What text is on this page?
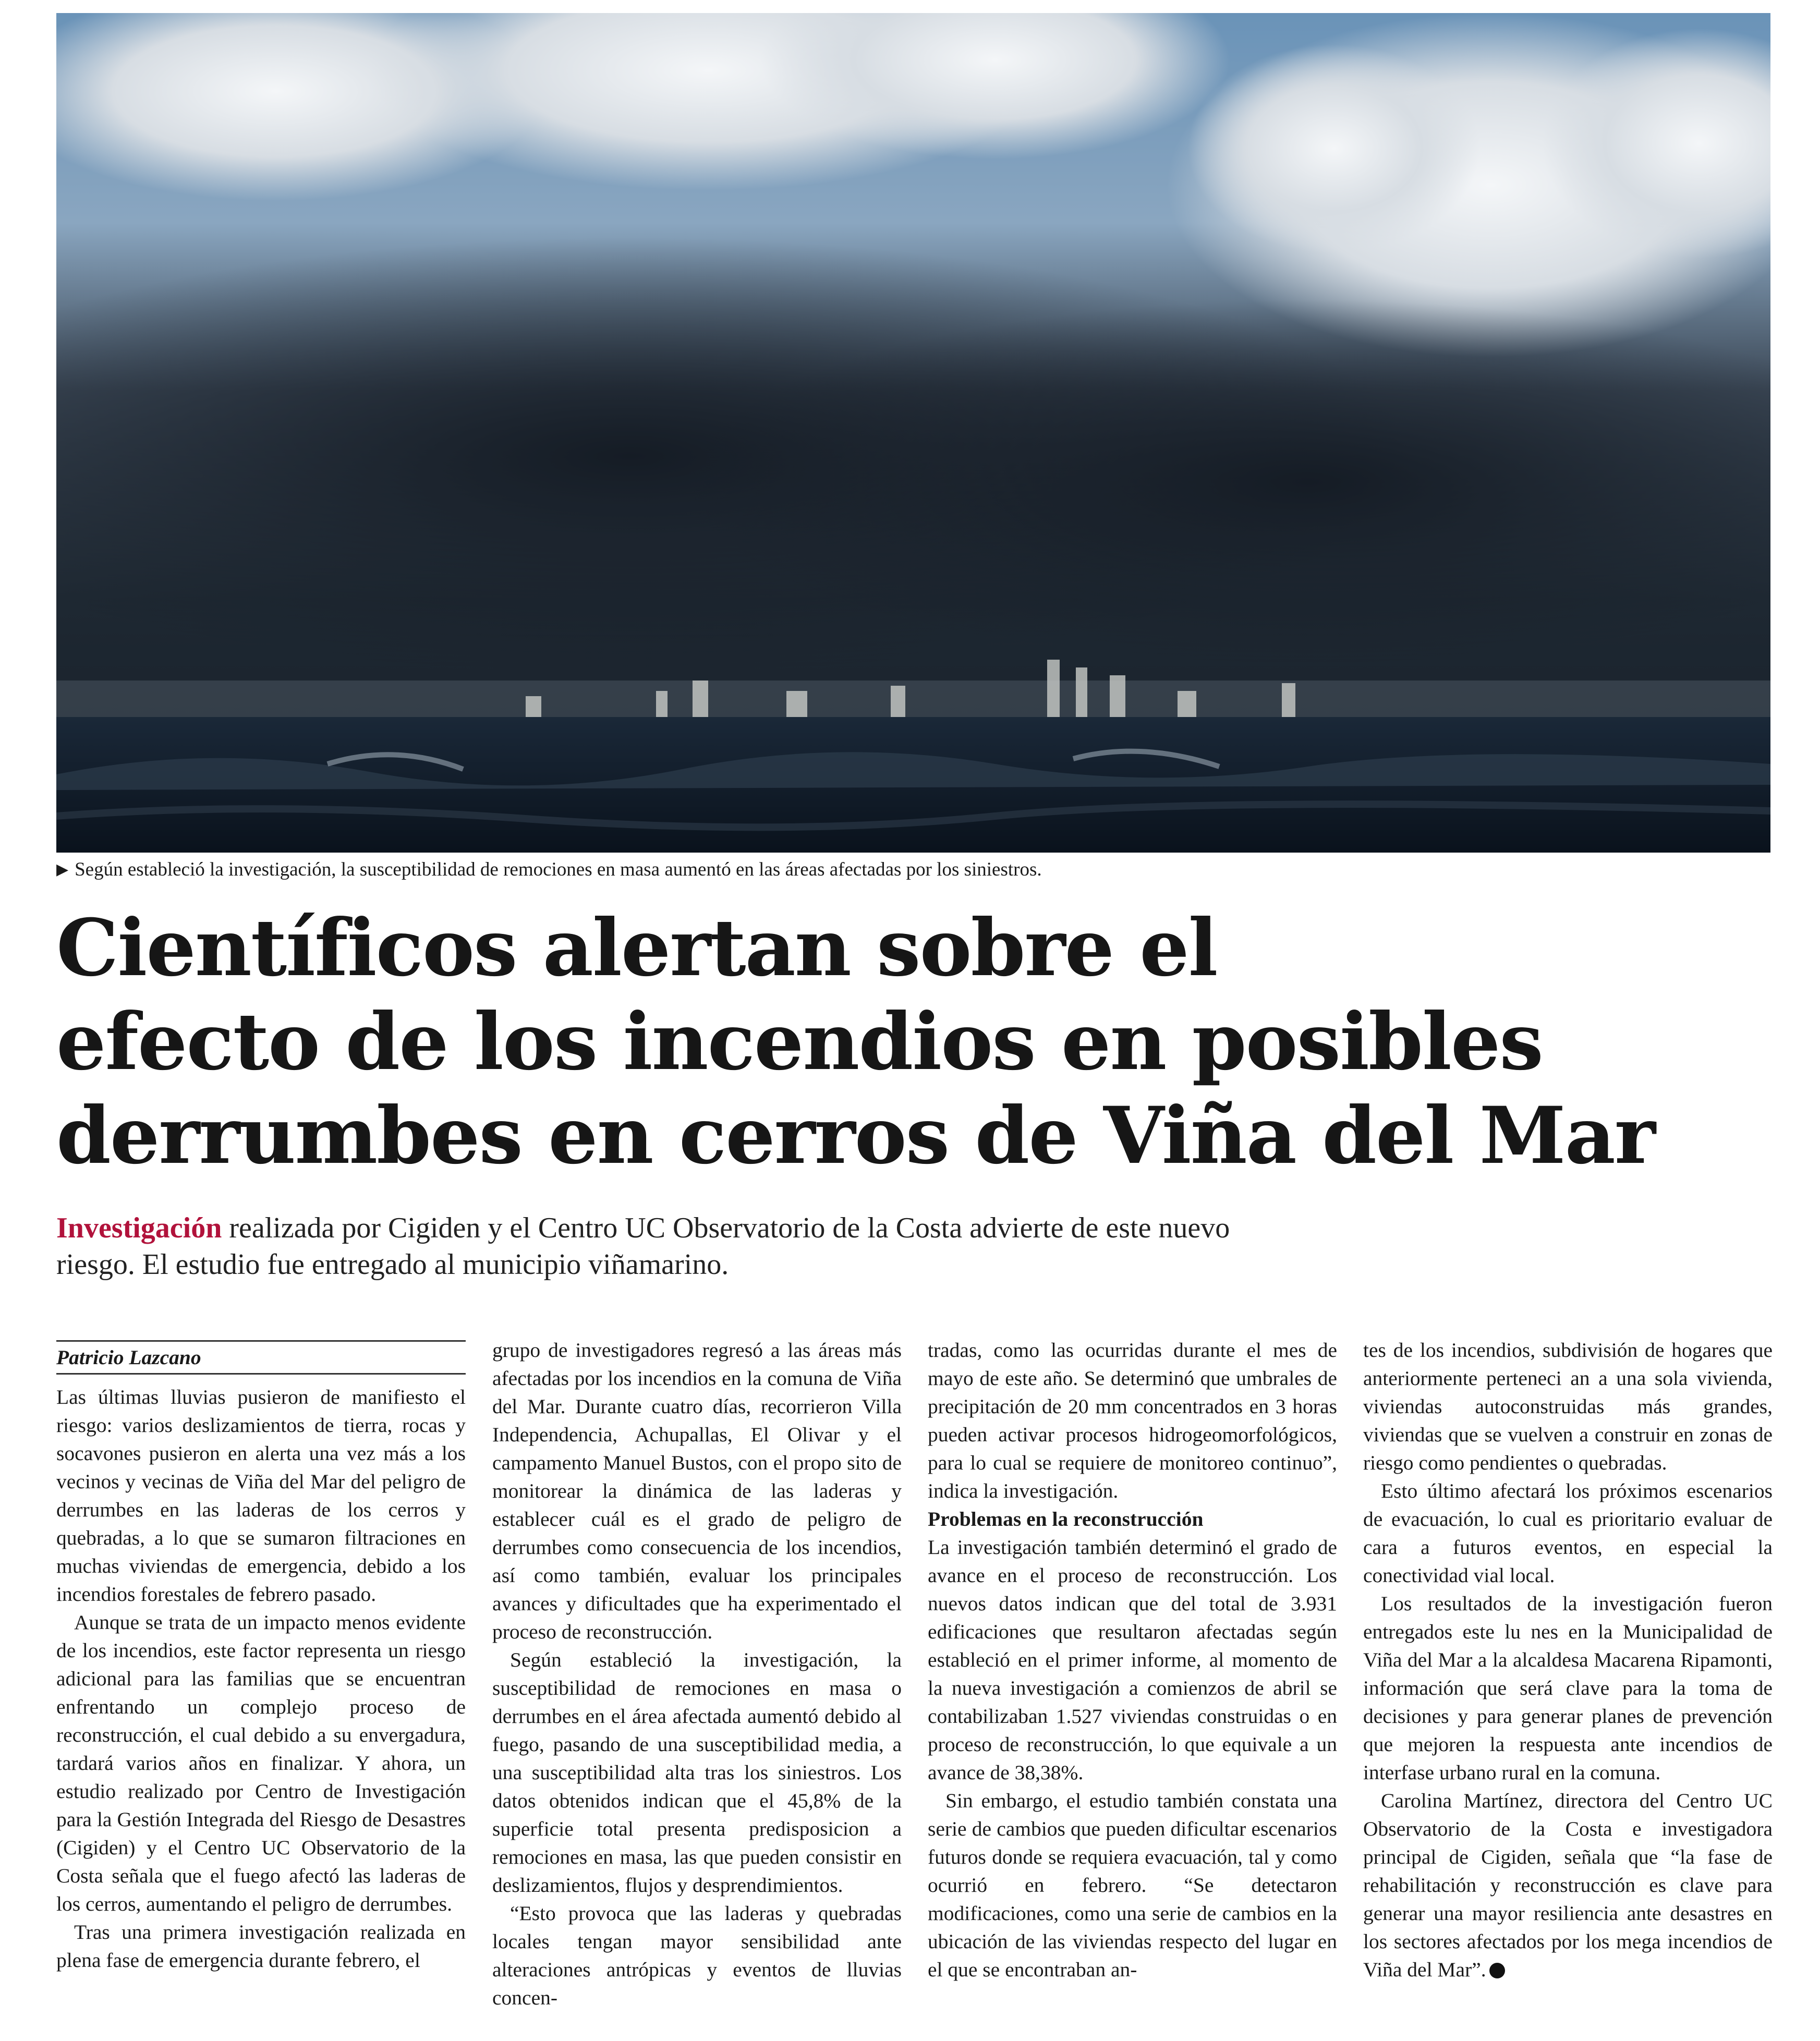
▶ Según estableció la investigación, la susceptibilidad de remociones en masa aumentó en las áreas afectadas por los siniestros.
Científicos alertan sobre el
efecto de los incendios en posibles
derrumbes en cerros de Viña del Mar
Investigación realizada por Cigiden y el Centro UC Observatorio de la Costa advierte de este nuevo riesgo. El estudio fue entregado al municipio viñamarino.
Patricio Lazcano

Las últimas lluvias pusieron de manifiesto el riesgo: varios deslizamientos de tierra, rocas y socavones pusieron en alerta una vez más a los vecinos y vecinas de Viña del Mar del peligro de derrumbes en las laderas de los cerros y quebradas, a lo que se sumaron filtraciones en muchas viviendas de emergencia, debido a los incendios forestales de febrero pasado.

Aunque se trata de un impacto menos evidente de los incendios, este factor representa un riesgo adicional para las familias que se encuentran enfrentando un complejo proceso de reconstrucción, el cual debido a su envergadura, tardará varios años en finalizar. Y ahora, un estudio realizado por Centro de Investigación para la Gestión Integrada del Riesgo de Desastres (Cigiden) y el Centro UC Observatorio de la Costa señala que el fuego afectó las laderas de los cerros, aumentando el peligro de derrumbes.

Tras una primera investigación realizada en plena fase de emergencia durante febrero, el

grupo de investigadores regresó a las áreas más afectadas por los incendios en la comuna de Viña del Mar. Durante cuatro días, recorrieron Villa Independencia, Achupallas, El Olivar y el campamento Manuel Bustos, con el propo sito de monitorear la dinámica de las laderas y establecer cuál es el grado de peligro de derrumbes como consecuencia de los incendios, así como también, evaluar los principales avances y dificultades que ha experimentado el proceso de reconstrucción.

Según estableció la investigación, la susceptibilidad de remociones en masa o derrumbes en el área afectada aumentó debido al fuego, pasando de una susceptibilidad media, a una susceptibilidad alta tras los siniestros. Los datos obtenidos indican que el 45,8% de la superficie total presenta predisposicion a remociones en masa, las que pueden consistir en deslizamientos, flujos y desprendimientos.

“Esto provoca que las laderas y quebradas locales tengan mayor sensibilidad ante alteraciones antrópicas y eventos de lluvias concen-

tradas, como las ocurridas durante el mes de mayo de este año. Se determinó que umbrales de precipitación de 20 mm concentrados en 3 horas pueden activar procesos hidrogeomorfológicos, para lo cual se requiere de monitoreo continuo”, indica la investigación.

Problemas en la reconstrucción

La investigación también determinó el grado de avance en el proceso de reconstrucción. Los nuevos datos indican que del total de 3.931 edificaciones que resultaron afectadas según estableció en el primer informe, al momento de la nueva investigación a comienzos de abril se contabilizaban 1.527 viviendas construidas o en proceso de reconstrucción, lo que equivale a un avance de 38,38%.

Sin embargo, el estudio también constata una serie de cambios que pueden dificultar escenarios futuros donde se requiera evacuación, tal y como ocurrió en febrero. “Se detectaron modificaciones, como una serie de cambios en la ubicación de las viviendas respecto del lugar en el que se encontraban an-

tes de los incendios, subdivisión de hogares que anteriormente perteneci an a una sola vivienda, viviendas autoconstruidas más grandes, viviendas que se vuelven a construir en zonas de riesgo como pendientes o quebradas.

Esto último afectará los próximos escenarios de evacuación, lo cual es prioritario evaluar de cara a futuros eventos, en especial la conectividad vial local.

Los resultados de la investigación fueron entregados este lu nes en la Municipalidad de Viña del Mar a la alcaldesa Macarena Ripamonti, información que será clave para la toma de decisiones y para generar planes de prevención que mejoren la respuesta ante incendios de interfase urbano rural en la comuna.

Carolina Martínez, directora del Centro UC Observatorio de la Costa e investigadora principal de Cigiden, señala que “la fase de rehabilitación y reconstrucción es clave para generar una mayor resiliencia ante desastres en los sectores afectados por los mega incendios de Viña del Mar”.
